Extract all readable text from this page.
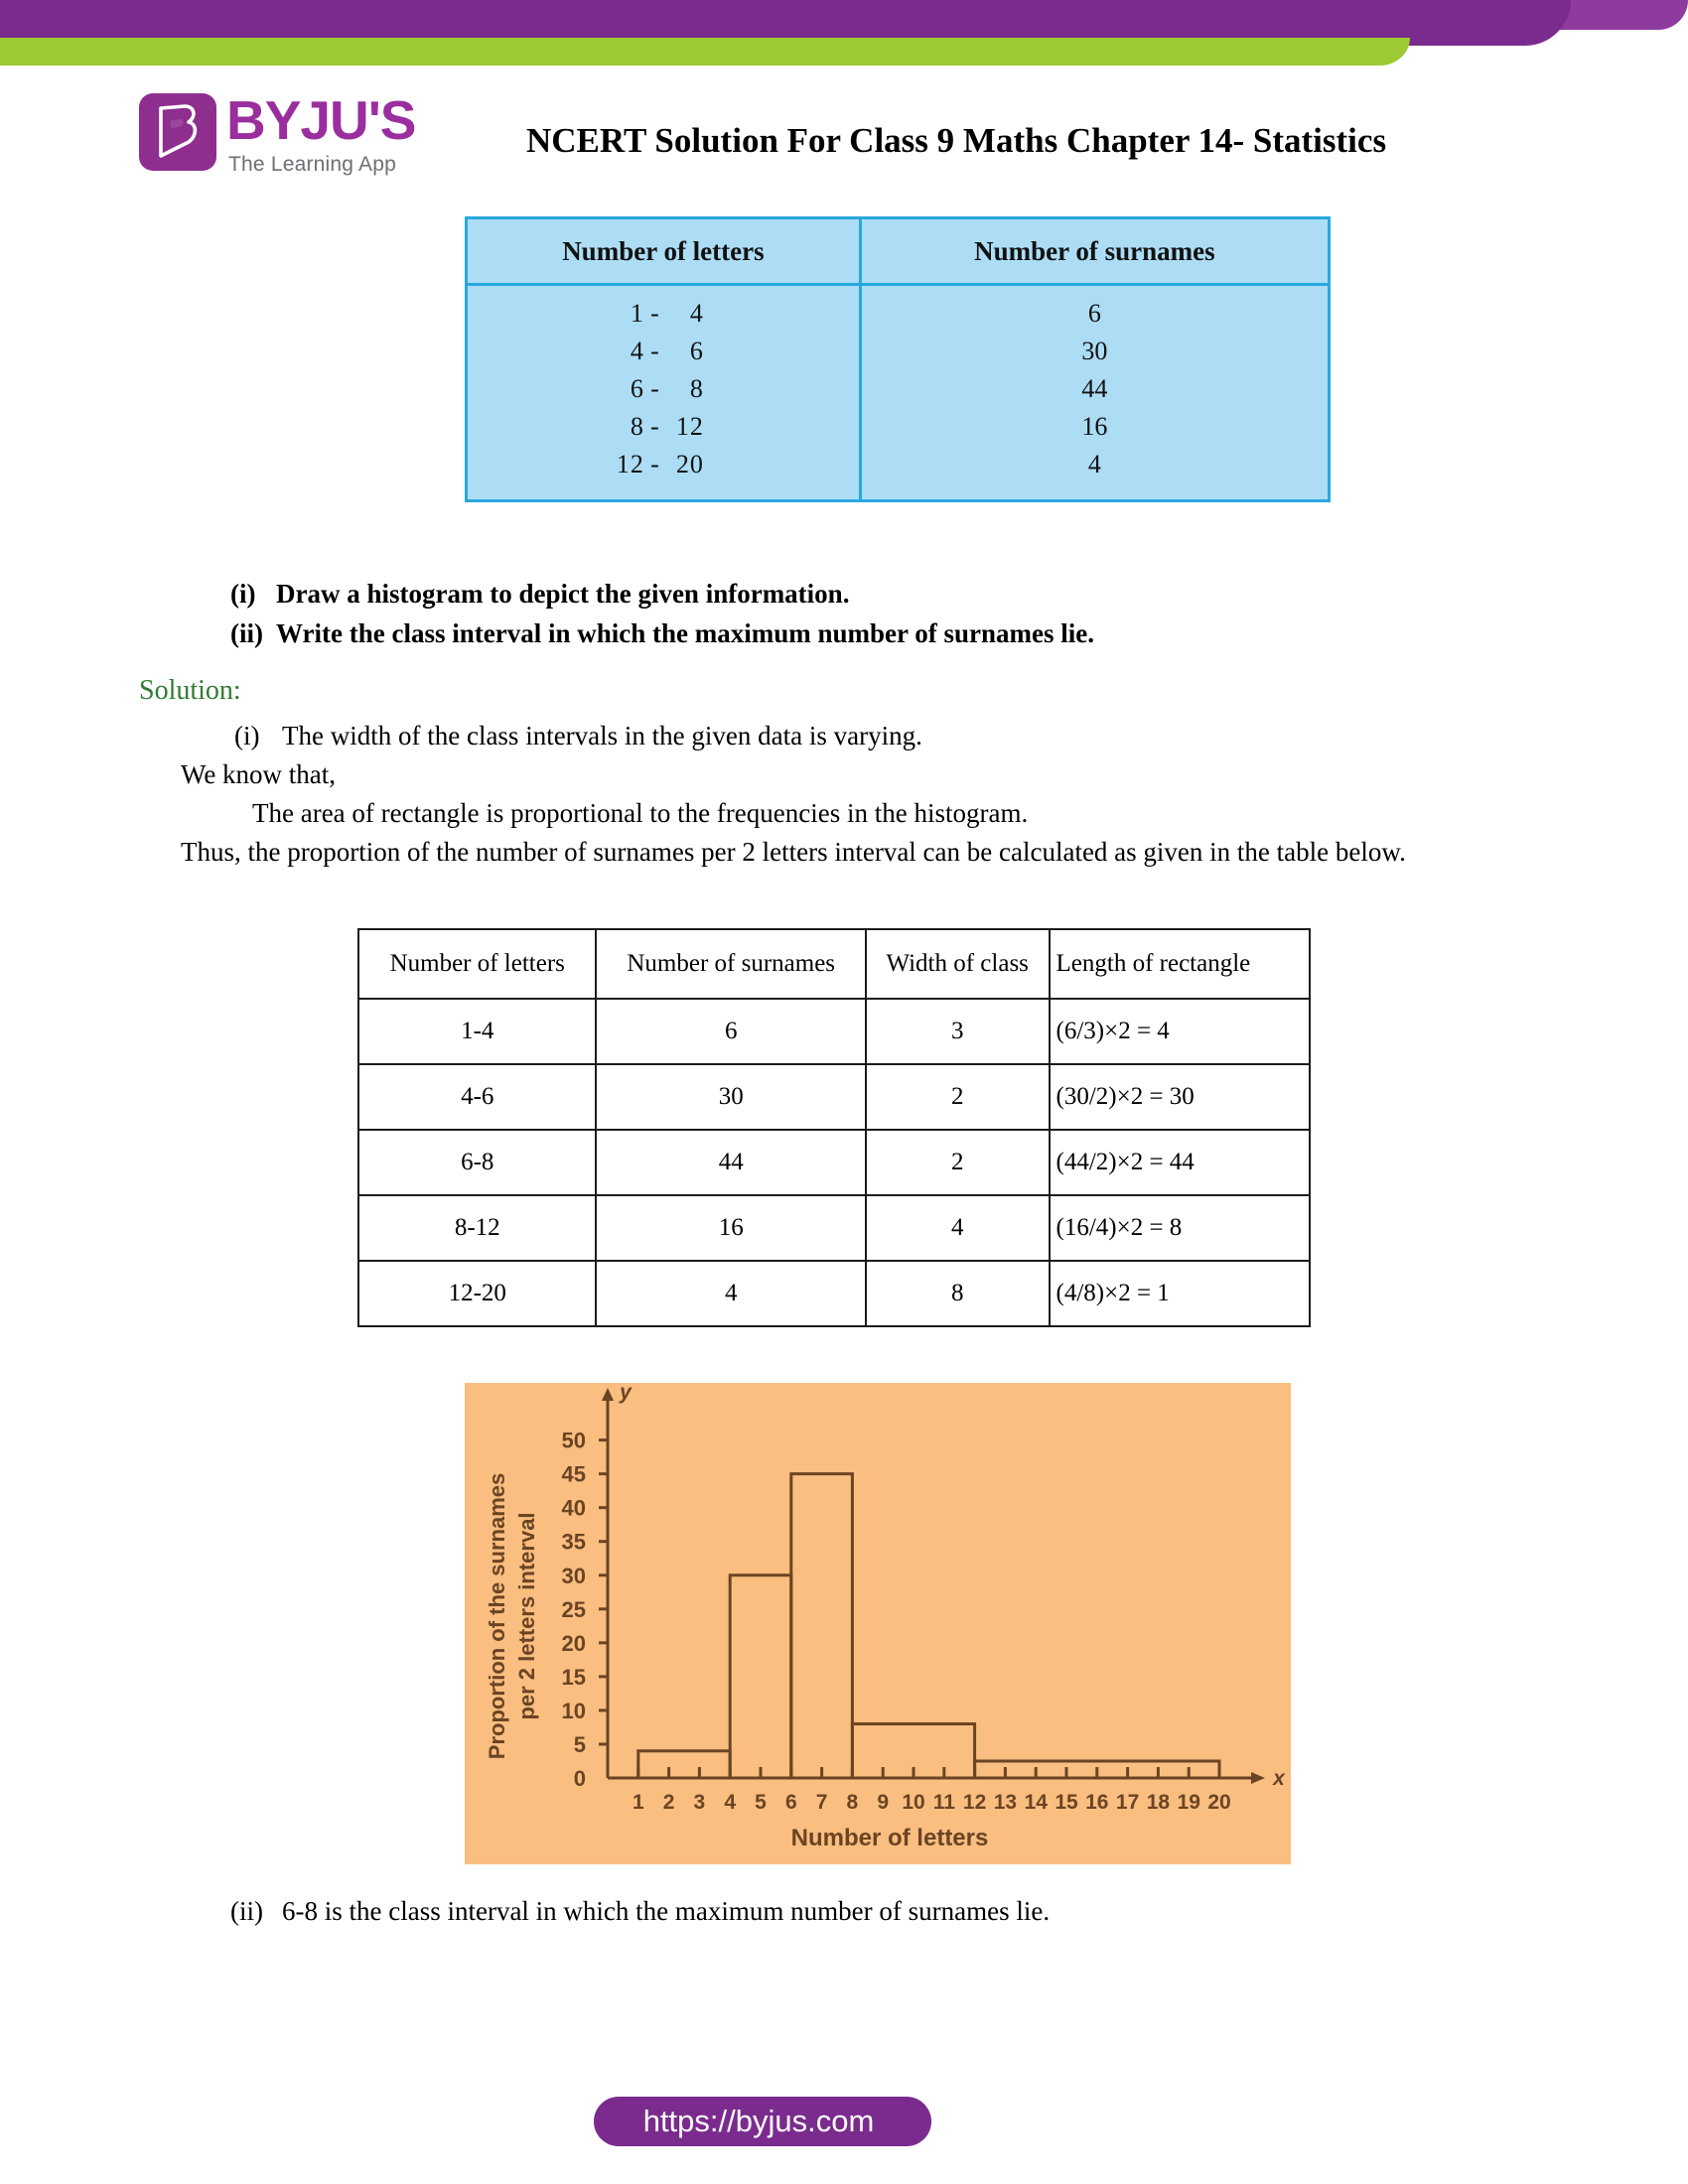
BYJU'S
The Learning App
NCERT Solution For Class 9 Maths Chapter 14- Statistics
Number of letters	Number of surnames
1 - 4	6
4 - 6	30
6 - 8	44
8 - 12	16
12 - 20	4
(i) Draw a histogram to depict the given information.
(ii) Write the class interval in which the maximum number of surnames lie.
Solution:
(i) The width of the class intervals in the given data is varying.
We know that,
The area of rectangle is proportional to the frequencies in the histogram.
Thus, the proportion of the number of surnames per 2 letters interval can be calculated as given in the table below.
Number of letters	Number of surnames	Width of class	Length of rectangle
1-4	6	3	(6/3)×2 = 4
4-6	30	2	(30/2)×2 = 30
6-8	44	2	(44/2)×2 = 44
8-12	16	4	(16/4)×2 = 8
12-20	4	8	(4/8)×2 = 1
x
y
0
5
10
15
20
25
30
35
40
45
50
1 2 3 4 5 6 7 8 9 10 11 12 13 14 15 16 17 18 19 20
Number of letters
Proportion of the surnames per 2 letters interval
(ii) 6-8 is the class interval in which the maximum number of surnames lie.
https://byjus.com
